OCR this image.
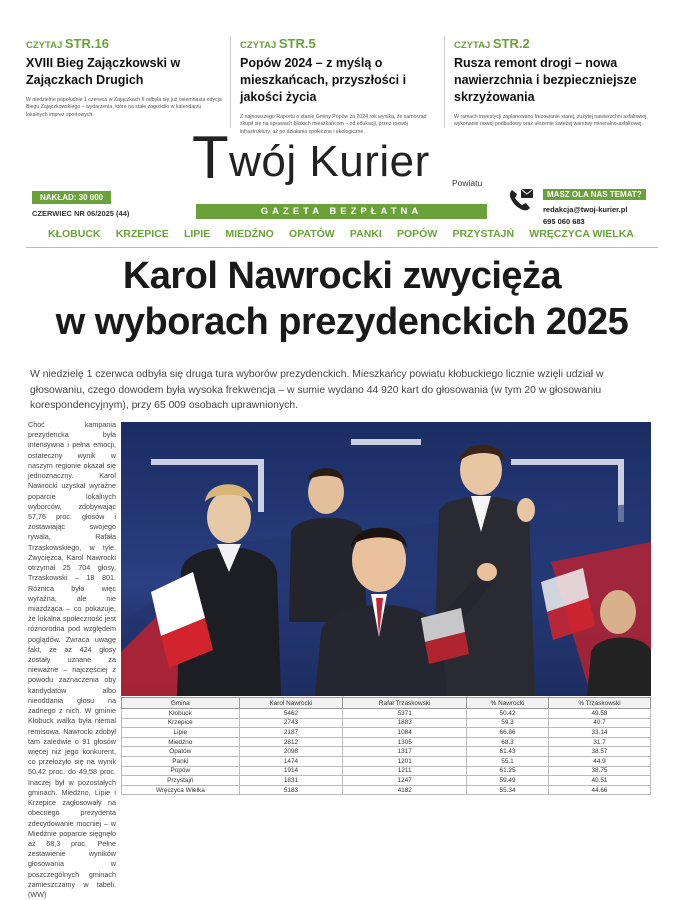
CZYTAJ STR.16
XVIII Bieg Zajączkowski w Zajączkach Drugich
W niedzielne popołudnie 1 czerwca w Zajączkach II odbyła się już osiemnasta edycja Biegu Zajączkowskiego – wydarzenia, które na stałe zagościło w kalendarzu lokalnych imprez sportowych.
CZYTAJ STR.5
Popów 2024 – z myślą o mieszkańcach, przyszłości i jakości życia
Z najnowszego Raportu o stanie Gminy Popów za 2024 rok wynika, że samorząd skupił się na sprawach bliskich mieszkańcom – od edukacji, przez rozwój infrastruktury, aż po działania społeczne i ekologiczne.
CZYTAJ STR.2
Rusza remont drogi – nowa nawierzchnia i bezpieczniejsze skrzyżowania
W ramach inwestycji zaplanowano frezowanie starej, zużytej nawierzchni asfaltowej, wykonanie nowej podbudowy oraz ułożenie świeżej warstwy mineralno-asfaltowej.
Twój Kurier	Powiatu
GAZETA BEZPŁATNA
NAKŁAD: 30 000
CZERWIEC NR 06/2025 (44)
MASZ OLA NAS TEMAT?
redakcja@twoj-kurier.pl
695 060 683
KŁOBUCK KRZEPICE LIPIE MIEDŹNO OPATÓW PANKI POPÓW PRZYSTAJŃ WRĘCZYCA WIELKA
Karol Nawrocki zwycięża
w wyborach prezydenckich 2025
W niedzielę 1 czerwca odbyła się druga tura wyborów prezydenckich. Mieszkańcy powiatu kłobuckiego licznie wzięli udział w głosowaniu, czego dowodem była wysoka frekwencja – w sumie wydano 44 920 kart do głosowania (w tym 20 w głosowaniu korespondencyjnym), przy 65 009 osobach uprawnionych.
Choć kampania prezydencka była intensywna i pełna emocji, ostateczny wynik w naszym regionie okazał się jednoznaczny. Karol Nawrocki uzyskał wyraźne poparcie lokalnych wyborców, zdobywając 57,76 proc. głosów i zostawiając swojego rywala, Rafała Trzaskowskiego, w tyle. Zwycięzca, Karol Nawrocki otrzymał 25 704 głosy, Trzaskowski – 18 801. Różnica była więc wyraźna, ale nie miażdżąca – co pokazuje, że lokalna społeczność jest różnorodna pod względem poglądów. Zwraca uwagę fakt, że aż 424 głosy zostały uznane za nieważne – najczęściej z powodu zaznaczenia oby kandydatów albo nieoddania głosu na żadnego z nich. W gminie Kłobuck walka była niemal remisowa. Nawrocki zdobył tam zaledwie o 91 głosów więcej niż jego konkurent, co przełożyło się na wynik 50,42 proc. do 49,58 proc. Inaczej był w pozostałych gminach. Miedźno, Lipie i Krzepice zagłosowały na obecnego prezydenta zdecydowanie mocniej – w Miedźnie poparcie sięgnęło aż 68,3 proc. Pełne zestawienie wyników głosowania w poszczególnych gminach zamieszczamy w tabeli. (WW)
Gmina	Karol Nawrocki	Rafał Trzaskowski	% Nawrocki	% Trzaskowski
Kłobuck	5462	5371	50.42	49.58
Krzepice	2743	1883	59.3	40.7
Lipie	2187	1084	66.86	33.14
Miedźno	2812	1305	68.3	31.7
Opatów	2098	1317	61.43	38.57
Panki	1474	1201	55.1	44.9
Popów	1914	1211	61.25	38.75
Przystajń	1831	1247	59.49	40.51
Wręczyca Wielka	5183	4182	55.34	44.66
